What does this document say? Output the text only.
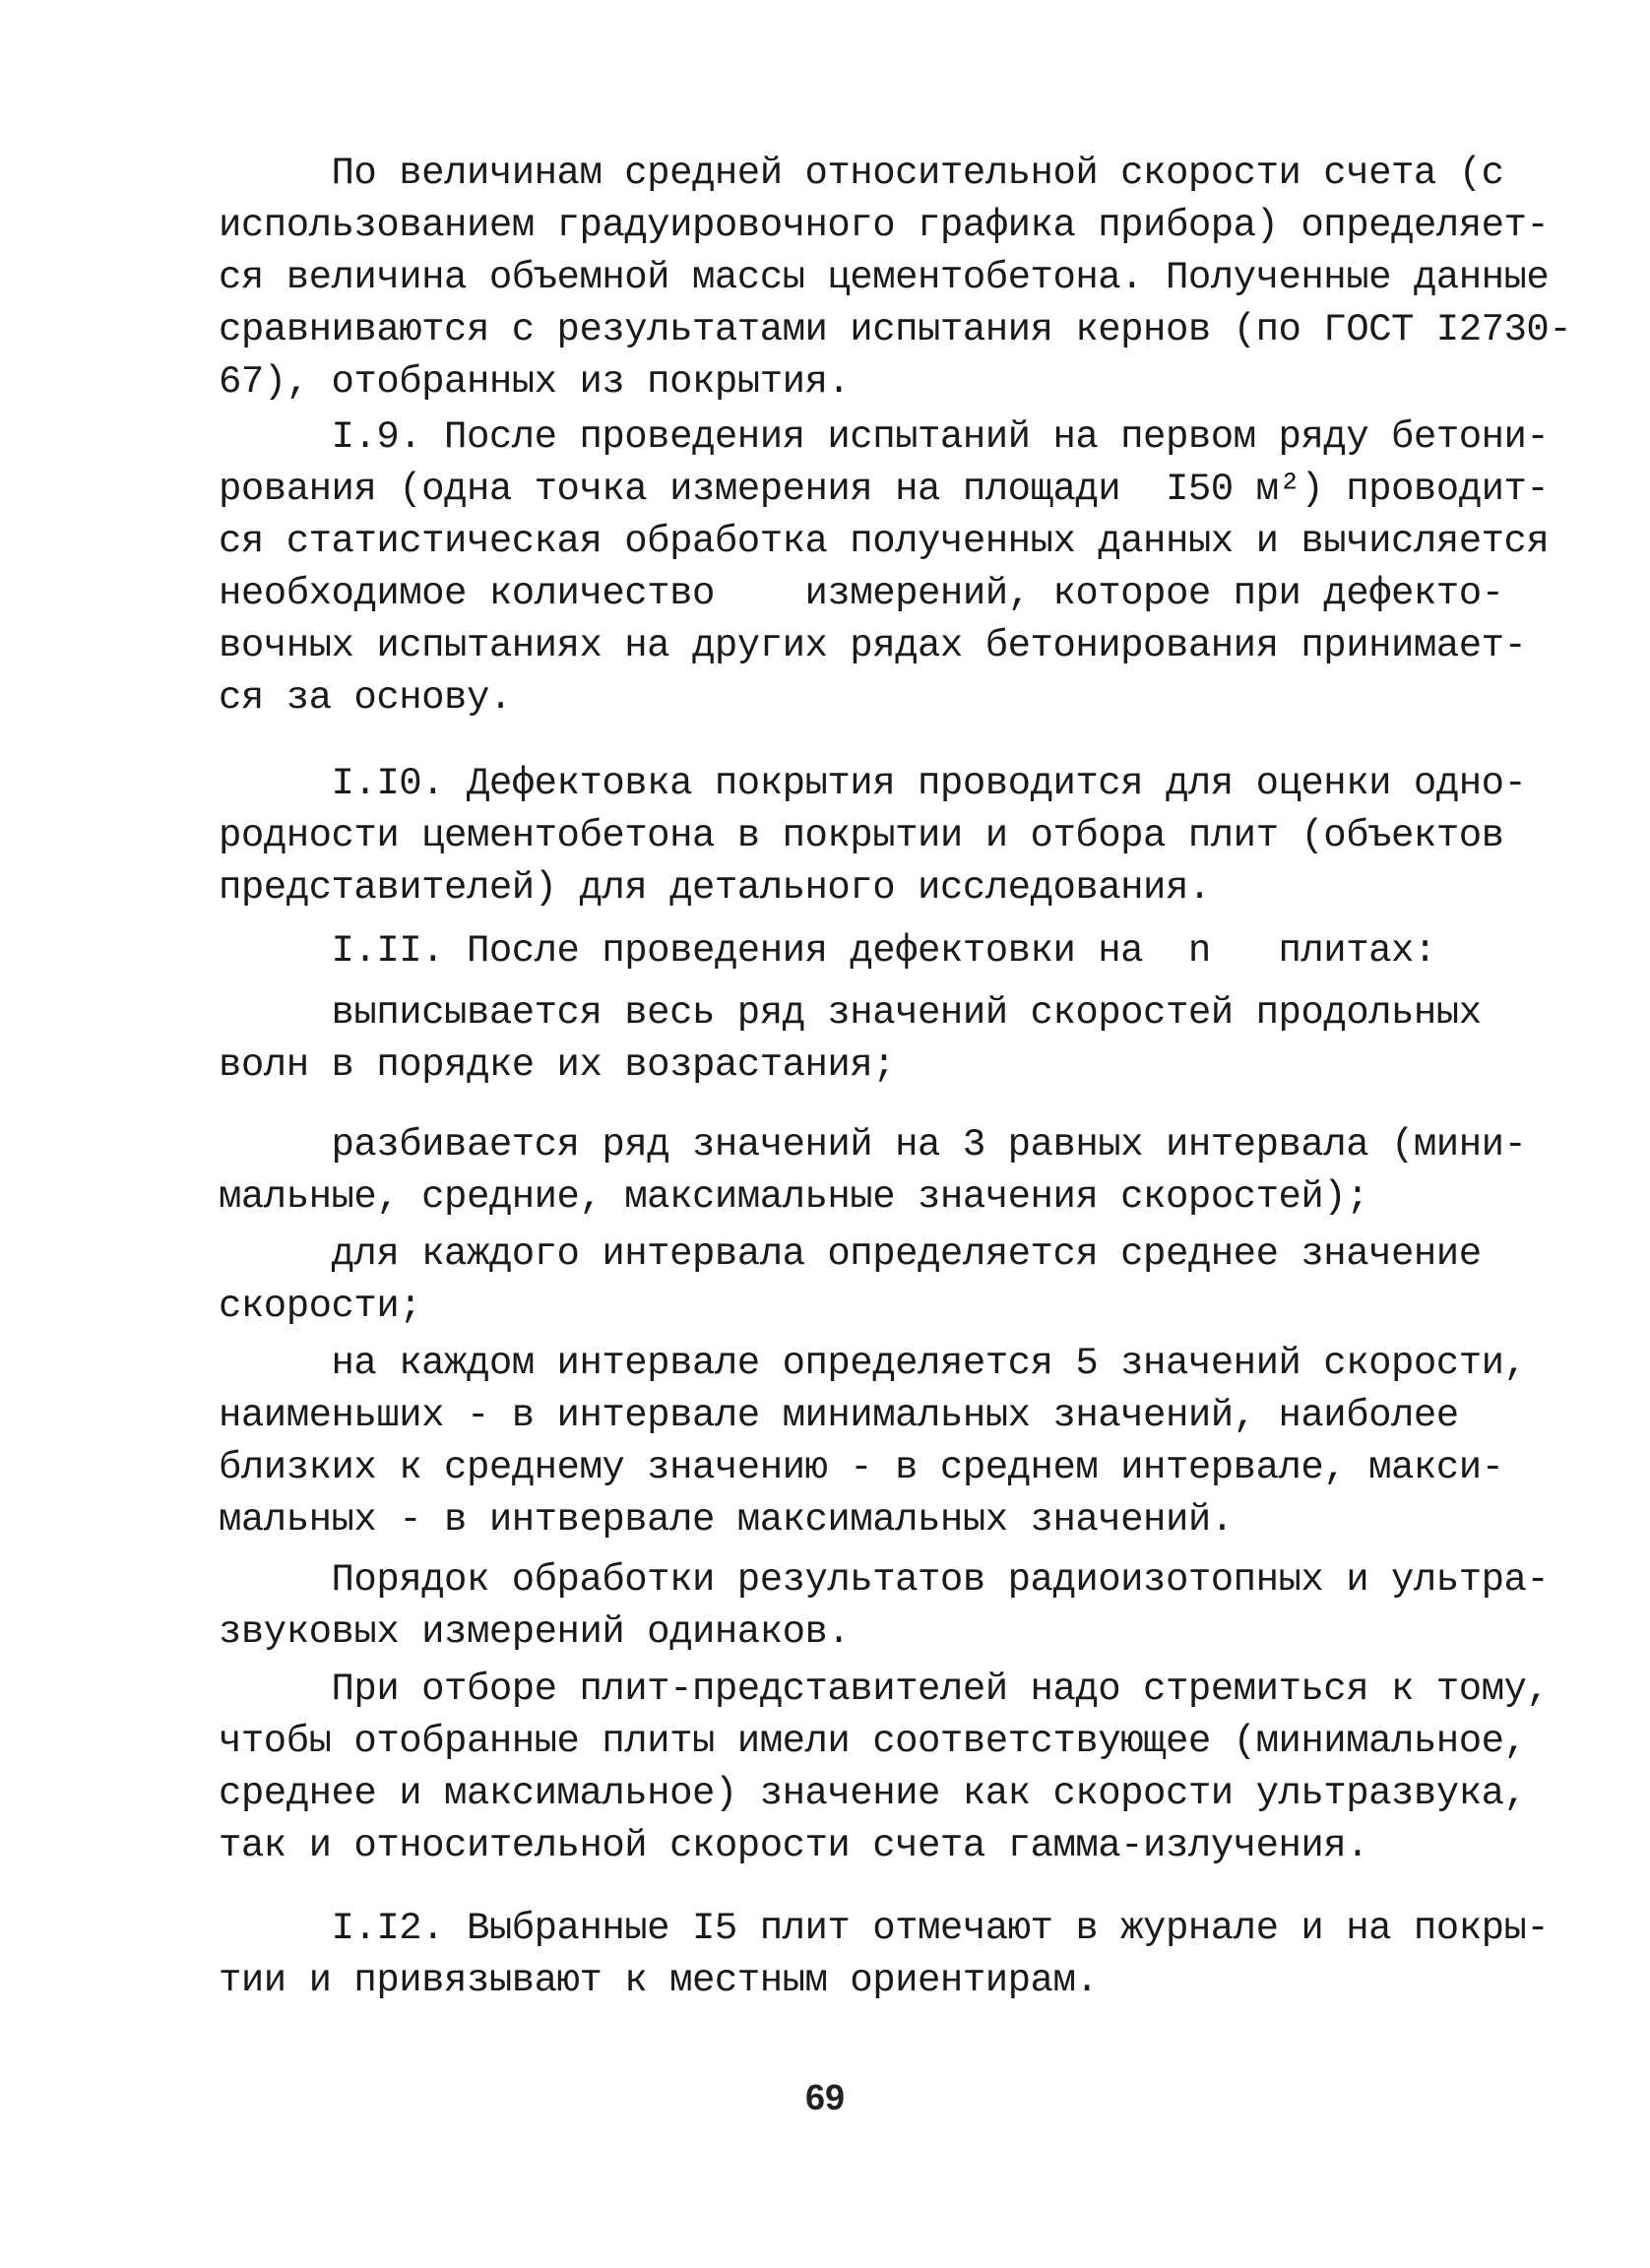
По величинам средней относительной скорости счета (с
использованием градуировочного графика прибора) определяет-
ся величина объемной массы цементобетона. Полученные данные
сравниваются с результатами испытания кернов (по ГОСТ I2730-
67), отобранных из покрытия.

I.9. После проведения испытаний на первом ряду бетони-
рования (одна точка измерения на площади  I50 м²) проводит-
ся статистическая обработка полученных данных и вычисляется
необходимое количество    измерений, которое при дефекто-
вочных испытаниях на других рядах бетонирования принимает-
ся за основу.

I.I0. Дефектовка покрытия проводится для оценки одно-
родности цементобетона в покрытии и отбора плит (объектов
представителей) для детального исследования.

I.II. После проведения дефектовки на  n   плитах:

выписывается весь ряд значений скоростей продольных
волн в порядке их возрастания;

разбивается ряд значений на 3 равных интервала (мини-
мальные, средние, максимальные значения скоростей);

для каждого интервала определяется среднее значение
скорости;

на каждом интервале определяется 5 значений скорости,
наименьших - в интервале минимальных значений, наиболее
близких к среднему значению - в среднем интервале, макси-
мальных - в интвервале максимальных значений.

Порядок обработки результатов радиоизотопных и ультра-
звуковых измерений одинаков.

При отборе плит-представителей надо стремиться к тому,
чтобы отобранные плиты имели соответствующее (минимальное,
среднее и максимальное) значение как скорости ультразвука,
так и относительной скорости счета гамма-излучения.

I.I2. Выбранные I5 плит отмечают в журнале и на покры-
тии и привязывают к местным ориентирам.

69
